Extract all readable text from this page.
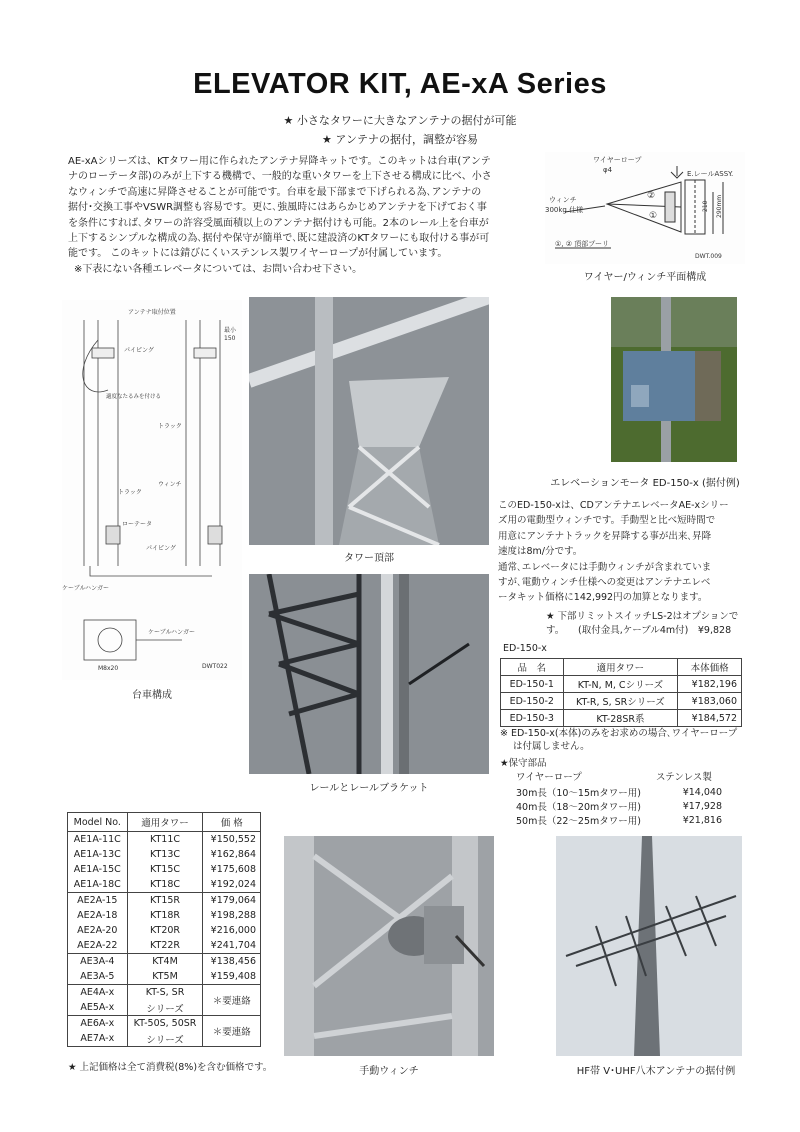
ELEVATOR KIT, AE-xA Series
★ 小さなタワーに大きなアンテナの据付が可能
★ アンテナの据付，調整が容易

AE-xAシリーズは、KTタワー用に作られたアンテナ昇降キットです。このキットは台車(アンテ

ナのローテータ部)のみが上下する機構で、一般的な重いタワーを上下させる構成に比べ、小さ

なウィンチで高速に昇降させることが可能です。台車を最下部まで下げられる為､アンテナの

据付･交換工事やVSWR調整も容易です。更に､強風時にはあらかじめアンテナを下げておく事

を条件にすれば､タワーの許容受風面積以上のアンテナ据付けも可能。2本のレール上を台車が

上下するシンプルな構成の為､据付や保守が簡単で､既に建設済のKTタワーにも取付ける事が可

能です。 このキットには錆びにくいステンレス製ワイヤーロープが付属しています。

※下表にない各種エレベータについては、お問い合わせ下さい。

ワイヤーロープ
φ4
ウィンチ
300kg 仕様
E.レールASSY.
210 290mm
②
①
①, ② 頂部プーリ
DWT.009
ワイヤー/ウィンチ平面構成
アンテナ取付位置
最小
150
パイピング
適度なたるみを付ける
トラック
ウィンチ
トラック
ローテータ
パイピング
ケーブルハンガー
ケーブルハンガー
M8x20	DWT022
台車構成
タワー頂部
レールとレールブラケット
エレベーションモータ ED-150-x (据付例)
このED-150-xは、CDアンテナエレベータAE-xシリー
ズ用の電動型ウィンチです。手動型と比べ短時間で
用意にアンテナトラックを昇降する事が出来､昇降
速度は8m/分です。
通常､エレベータには手動ウィンチが含まれていま
すが､電動ウィンチ仕様への変更はアンテナエレベ
ータキット価格に142,992円の加算となります。
★ 下部リミットスイッチLS-2はオプションです。	(取付金具,ケーブル4m付)　¥9,828
ED-150-x
品　名	適用タワー	本体価格
ED-150-1	KT-N, M, Cシリーズ	¥182,196
ED-150-2	KT-R, S, SRシリーズ	¥183,060
ED-150-3	KT-28SR系	¥184,572
※ ED-150-x(本体)のみをお求めの場合､ワイヤーロープ
は付属しません。
★保守部品
ワイヤーロープ	ステンレス製
30m長（10～15mタワー用)	¥14,040
40m長（18～20mタワー用)	¥17,928
50m長（22～25mタワー用)	¥21,816
Model No.	適用タワー	価 格
AE1A-11C	KT11C	¥150,552
AE1A-13C	KT13C	¥162,864
AE1A-15C	KT15C	¥175,608
AE1A-18C	KT18C	¥192,024
AE2A-15	KT15R	¥179,064
AE2A-18	KT18R	¥198,288
AE2A-20	KT20R	¥216,000
AE2A-22	KT22R	¥241,704
AE3A-4	KT4M	¥138,456
AE3A-5	KT5M	¥159,408
AE4A-x	KT-S, SR	＊要連絡
AE5A-x	シリーズ	
AE6A-x	KT-50S, 50SR	＊要連絡
AE7A-x	シリーズ	
★ 上記価格は全て消費税(8%)を含む価格です。	手動ウィンチ	HF帯 V･UHF八木アンテナの据付例
